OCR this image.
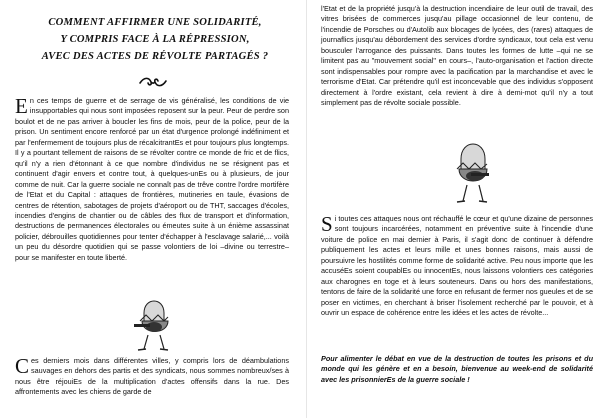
COMMENT AFFIRMER UNE SOLIDARITÉ,
Y COMPRIS FACE À LA RÉPRESSION,
AVEC DES ACTES DE RÉVOLTE PARTAGÉS ?

En ces temps de guerre et de serrage de vis généralisé, les conditions de vie insupportables qui nous sont imposées reposent sur la peur. Peur de perdre son boulot et de ne pas arriver à boucler les fins de mois, peur de la police, peur de la prison. Un sentiment encore renforcé par un état d'urgence prolongé indéfiniment et par l'enfermement de toujours plus de récalcitrantEs et pour toujours plus longtemps. Il y a pourtant tellement de raisons de se révolter contre ce monde de fric et de flics, qu'il n'y a rien d'étonnant à ce que nombre d'individus ne se résignent pas et continuent d'agir envers et contre tout, à quelques-unEs ou à plusieurs, de jour comme de nuit. Car la guerre sociale ne connaît pas de trêve contre l'ordre mortifère de l'Etat et du Capital : attaques de frontières, mutineries en taule, évasions de centres de rétention, sabotages de projets d'aéroport ou de THT, saccages d'écoles, incendies d'engins de chantier ou de câbles des flux de transport et d'information, destructions de permanences électorales ou émeutes suite à un énième assassinat policier, débrouilles quotidiennes pour tenter d'échapper à l'esclavage salarié,... voilà un peu du désordre quotidien qui se passe volontiers de loi –divine ou terrestre– pour se manifester en toute liberté.

Ces derniers mois dans différentes villes, y compris lors de déambulations sauvages en dehors des partis et des syndicats, nous sommes nombreux/ses à nous être réjouiEs de la multiplication d'actes offensifs dans la rue. Des affrontements avec les chiens de garde de

l'Etat et de la propriété jusqu'à la destruction incendiaire de leur outil de travail, des vitres brisées de commerces jusqu'au pillage occasionnel de leur contenu, de l'incendie de Porsches ou d'Autolib aux blocages de lycées, des (rares) attaques de journaflics jusqu'au débordement des services d'ordre syndicaux, tout cela est venu bousculer l'arrogance des puissants. Dans toutes les formes de lutte –qui ne se limitent pas au "mouvement social" en cours–, l'auto-organisation et l'action directe sont indispensables pour rompre avec la pacification par la marchandise et avec le terrorisme d'Etat. Car prétendre qu'il est inconcevable que des individus s'opposent directement à l'ordre existant, cela revient à dire à demi-mot qu'il n'y a tout simplement pas de révolte sociale possible.

Si toutes ces attaques nous ont réchauffé le cœur et qu'une dizaine de personnes sont toujours incarcérées, notamment en préventive suite à l'incendie d'une voiture de police en mai dernier à Paris, il s'agit donc de continuer à défendre publiquement les actes et leurs mille et unes bonnes raisons, mais aussi de poursuivre les hostilités comme forme de solidarité active. Peu nous importe que les accuséEs soient coupablEs ou innocentEs, nous laissons volontiers ces catégories aux charognes en toge et à leurs souteneurs. Dans ou hors des manifestations, tentons de faire de la solidarité une force en refusant de fermer nos gueules et de se poser en victimes, en cherchant à briser l'isolement recherché par le pouvoir, et à ouvrir un espace de cohérence entre les idées et les actes de révolte...

Pour alimenter le débat en vue de la destruction de toutes les prisons et du monde qui les génère et en a besoin, bienvenue au week-end de solidarité avec les prisonnierEs de la guerre sociale !
